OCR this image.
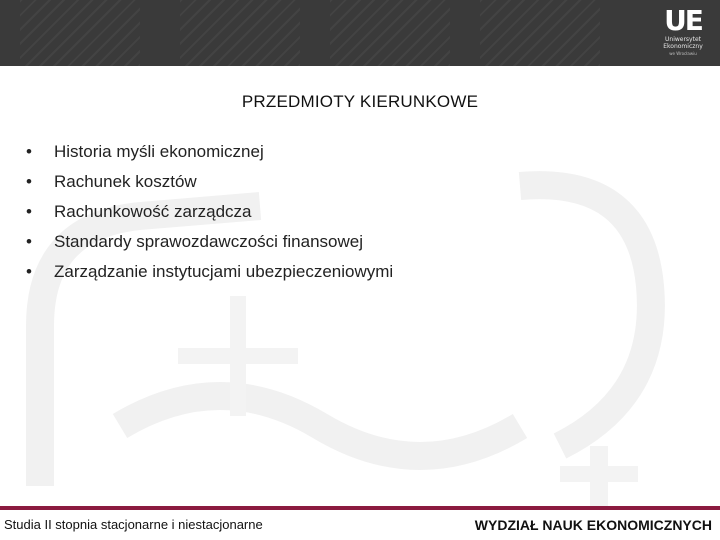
UE
Uniwersytet
Ekonomiczny
we Wrocławiu
PRZEDMIOTY KIERUNKOWE
•	Historia myśli ekonomicznej
•	Rachunek kosztów
•	Rachunkowość zarządcza
•	Standardy sprawozdawczości finansowej
•	Zarządzanie instytucjami ubezpieczeniowymi
Studia II stopnia stacjonarne i niestacjonarne	WYDZIAŁ NAUK EKONOMICZNYCH
